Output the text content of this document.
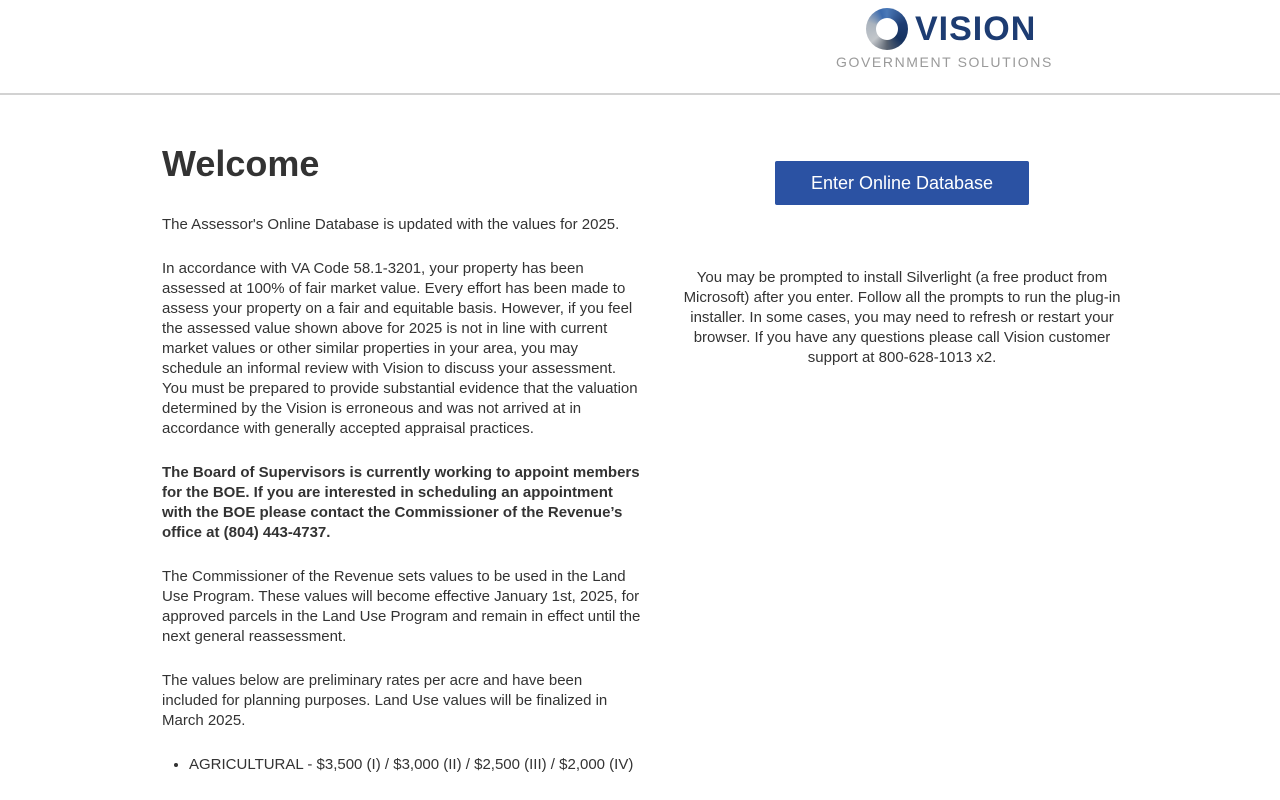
VISION
GOVERNMENT SOLUTIONS
Welcome

The Assessor's Online Database is updated with the values for 2025.

In accordance with VA Code 58.1-3201, your property has been assessed at 100% of fair market value. Every effort has been made to assess your property on a fair and equitable basis. However, if you feel the assessed value shown above for 2025 is not in line with current market values or other similar properties in your area, you may schedule an informal review with Vision to discuss your assessment. You must be prepared to provide substantial evidence that the valuation determined by the Vision is erroneous and was not arrived at in accordance with generally accepted appraisal practices.

The Board of Supervisors is currently working to appoint members for the BOE. If you are interested in scheduling an appointment with the BOE please contact the Commissioner of the Revenue’s office at (804) 443-4737.

The Commissioner of the Revenue sets values to be used in the Land Use Program. These values will become effective January 1st, 2025, for approved parcels in the Land Use Program and remain in effect until the next general reassessment.

The values below are preliminary rates per acre and have been included for planning purposes. Land Use values will be finalized in March 2025.

• AGRICULTURAL - $3,500 (I) / $3,000 (II) / $2,500 (III) / $2,000 (IV)
Enter Online Database

You may be prompted to install Silverlight (a free product from Microsoft) after you enter. Follow all the prompts to run the plug-in installer. In some cases, you may need to refresh or restart your browser. If you have any questions please call Vision customer support at 800-628-1013 x2.
